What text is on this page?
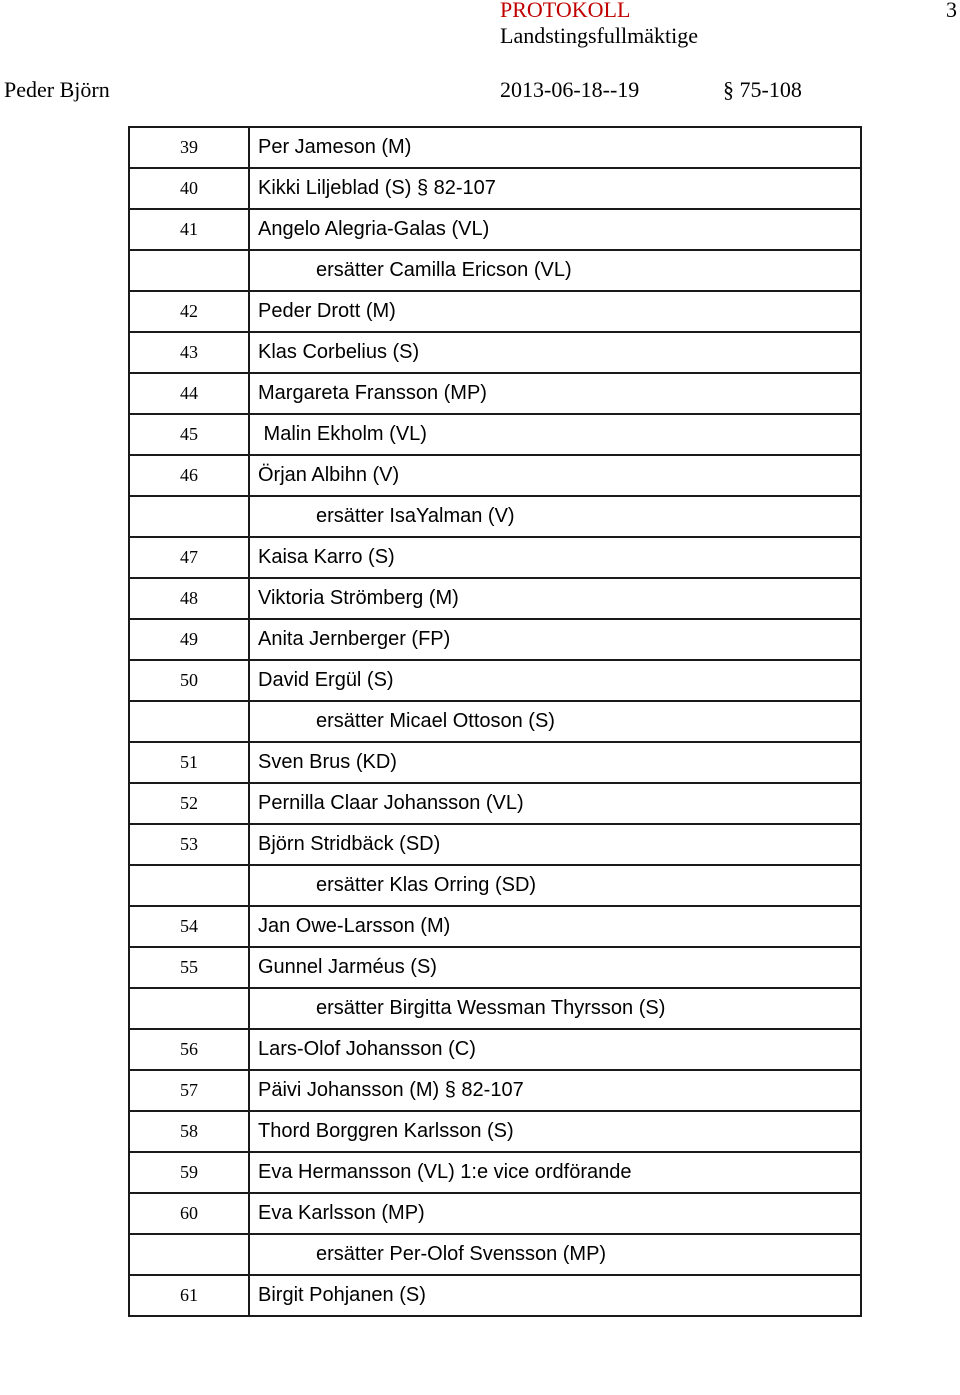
PROTOKOLL	3
Landstingsfullmäktige
Peder Björn	2013-06-18--19	§ 75-108
39	Per Jameson (M)
40	Kikki Liljeblad (S) § 82-107
41	Angelo Alegria-Galas (VL)
	ersätter Camilla Ericson (VL)
42	Peder Drott (M)
43	Klas Corbelius (S)
44	Margareta Fransson (MP)
45	Malin Ekholm (VL)
46	Örjan Albihn (V)
	ersätter IsaYalman (V)
47	Kaisa Karro (S)
48	Viktoria Strömberg (M)
49	Anita Jernberger (FP)
50	David Ergül (S)
	ersätter Micael Ottoson (S)
51	Sven Brus (KD)
52	Pernilla Claar Johansson (VL)
53	Björn Stridbäck (SD)
	ersätter Klas Orring (SD)
54	Jan Owe-Larsson (M)
55	Gunnel Jarméus (S)
	ersätter Birgitta Wessman Thyrsson (S)
56	Lars-Olof Johansson (C)
57	Päivi Johansson (M) § 82-107
58	Thord Borggren Karlsson (S)
59	Eva Hermansson (VL) 1:e vice ordförande
60	Eva Karlsson (MP)
	ersätter Per-Olof Svensson (MP)
61	Birgit Pohjanen (S)
